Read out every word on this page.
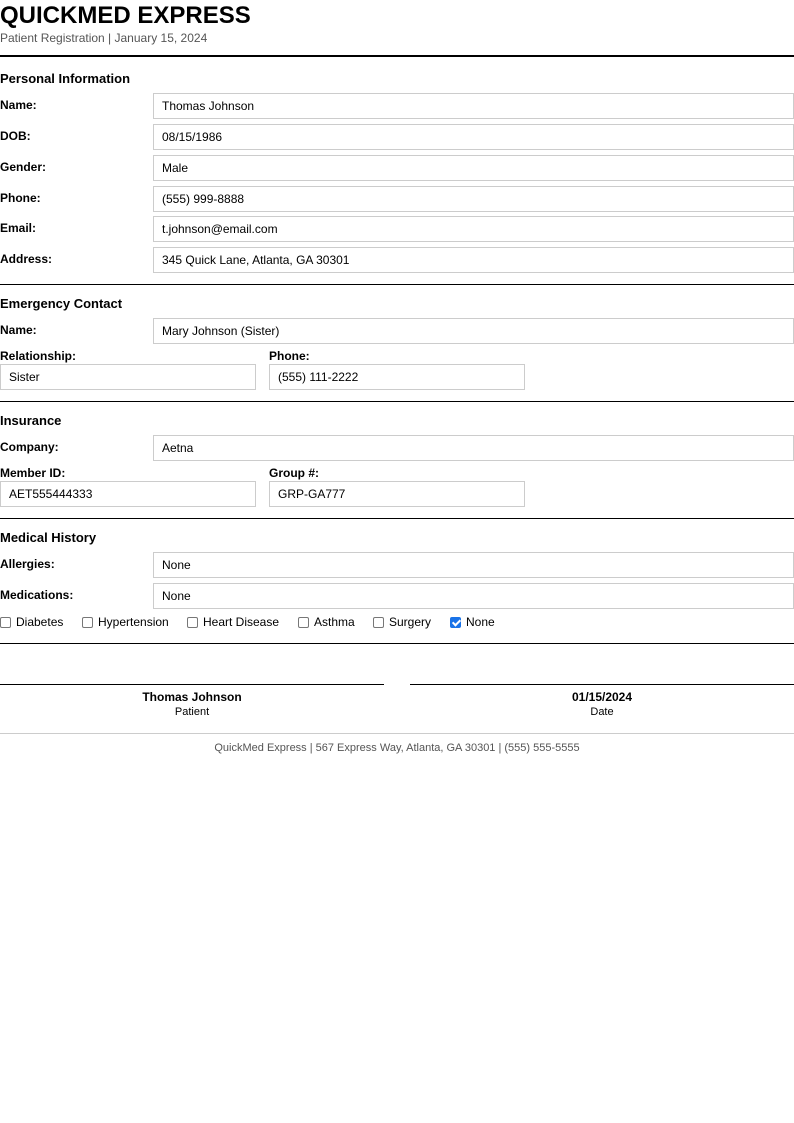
QUICKMED EXPRESS
Patient Registration | January 15, 2024
Personal Information
Name:	Thomas Johnson
DOB:	08/15/1986
Gender:	Male
Phone:	(555) 999-8888
Email:	t.johnson@email.com
Address:	345 Quick Lane, Atlanta, GA 30301
Emergency Contact
Name:	Mary Johnson (Sister)
Relationship:	Phone:
Sister	(555) 111-2222
Insurance
Company:	Aetna
Member ID:	Group #:
AET555444333	GRP-GA777
Medical History
Allergies:	None
Medications:	None
Diabetes	Hypertension	Heart Disease	Asthma	Surgery	None
Thomas Johnson	01/15/2024
Patient	Date
QuickMed Express | 567 Express Way, Atlanta, GA 30301 | (555) 555-5555
